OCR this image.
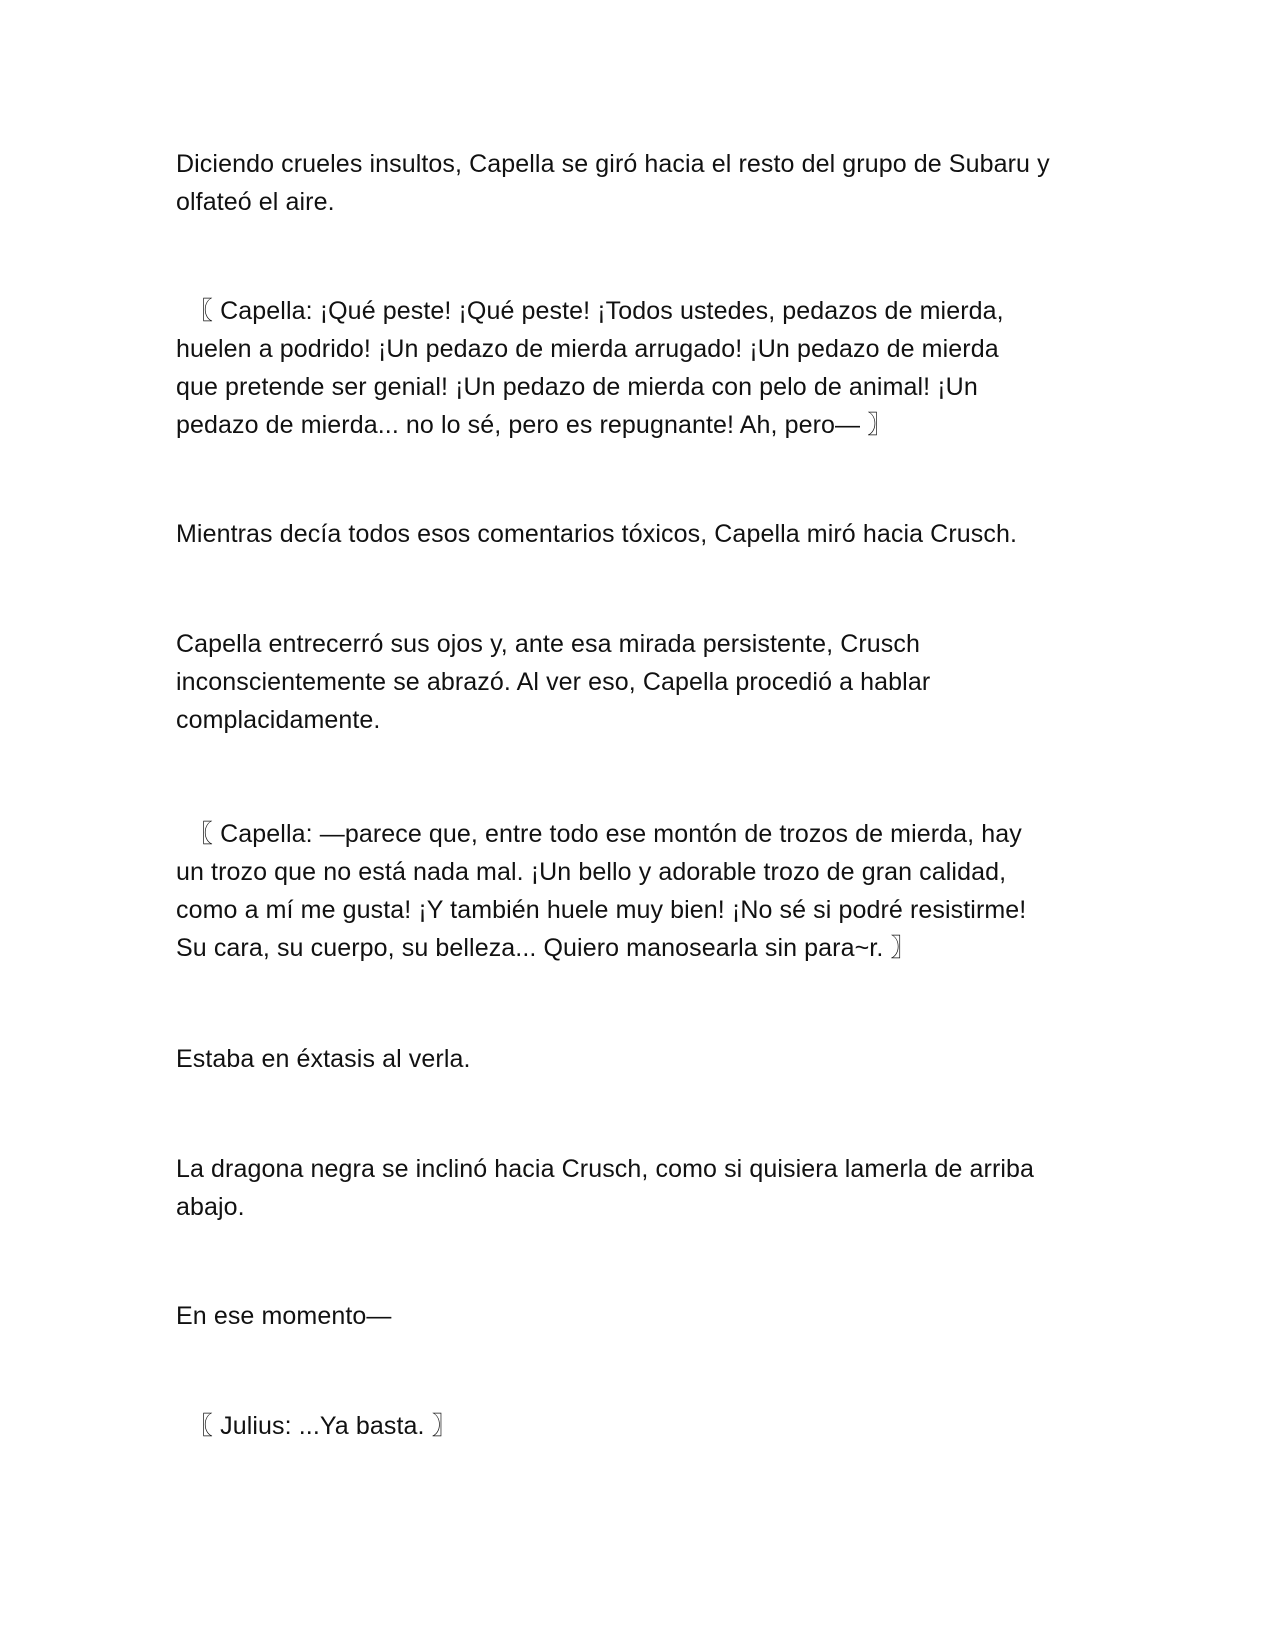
Diciendo crueles insultos, Capella se giró hacia el resto del grupo de Subaru y
olfateó el aire.

〖 Capella: ¡Qué peste! ¡Qué peste! ¡Todos ustedes, pedazos de mierda,
huelen a podrido! ¡Un pedazo de mierda arrugado! ¡Un pedazo de mierda
que pretende ser genial! ¡Un pedazo de mierda con pelo de animal! ¡Un
pedazo de mierda... no lo sé, pero es repugnante! Ah, pero— 〗

Mientras decía todos esos comentarios tóxicos, Capella miró hacia Crusch.

Capella entrecerró sus ojos y, ante esa mirada persistente, Crusch
inconscientemente se abrazó. Al ver eso, Capella procedió a hablar
complacidamente.

〖 Capella: —parece que, entre todo ese montón de trozos de mierda, hay
un trozo que no está nada mal. ¡Un bello y adorable trozo de gran calidad,
como a mí me gusta! ¡Y también huele muy bien! ¡No sé si podré resistirme!
Su cara, su cuerpo, su belleza... Quiero manosearla sin para~r. 〗

Estaba en éxtasis al verla.

La dragona negra se inclinó hacia Crusch, como si quisiera lamerla de arriba
abajo.

En ese momento—

〖 Julius: ...Ya basta. 〗
